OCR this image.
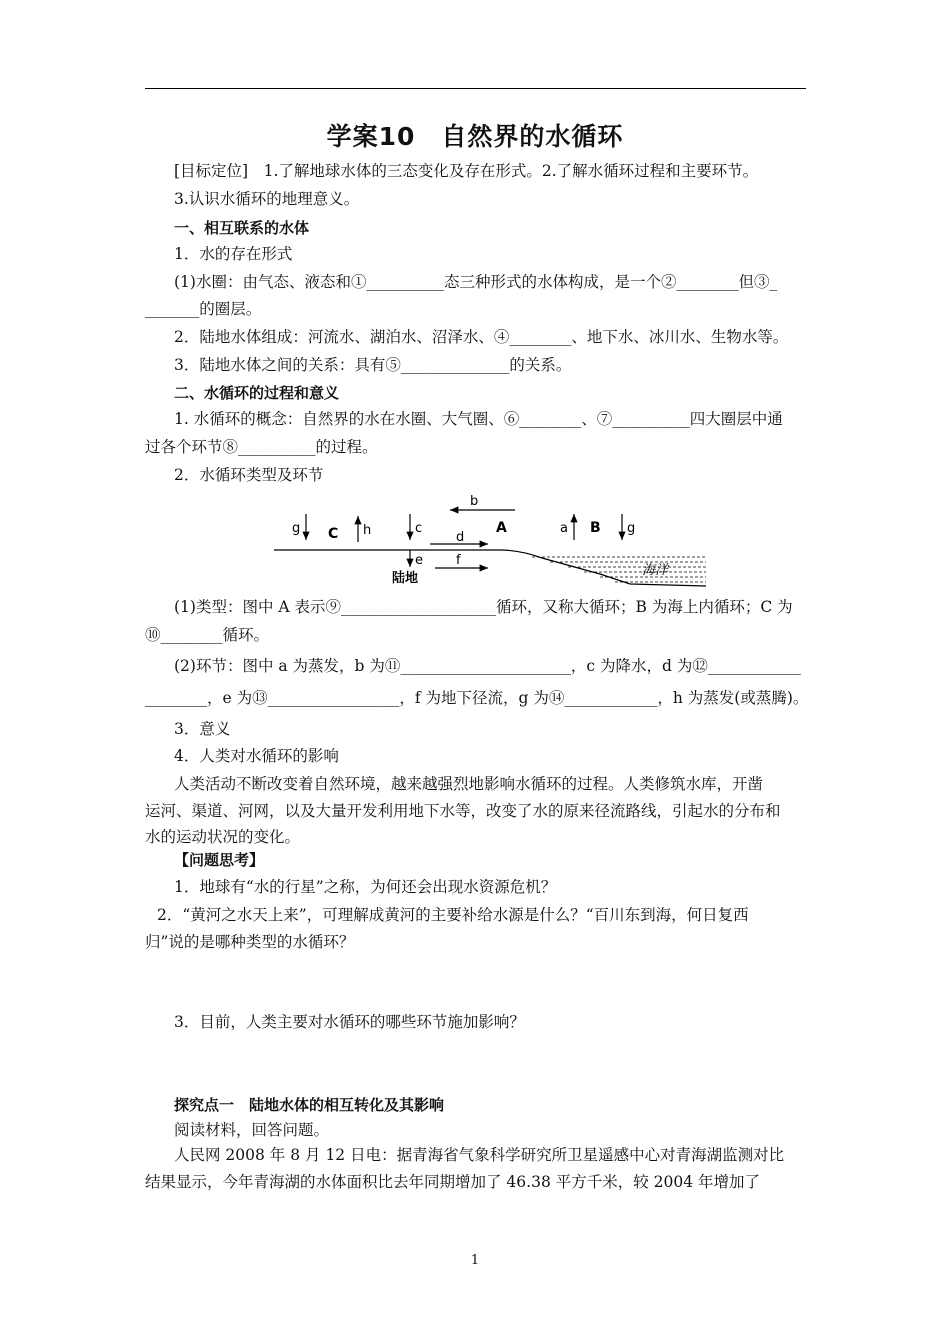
学案10　自然界的水循环
[目标定位]　1.了解地球水体的三态变化及存在形式。2.了解水循环过程和主要环节。
3.认识水循环的地理意义。
一、相互联系的水体
1．水的存在形式
(1)水圈：由气态、液态和①__________态三种形式的水体构成，是一个②________但③_
_______的圈层。
2．陆地水体组成：河流水、湖泊水、沼泽水、④________、地下水、冰川水、生物水等。
3．陆地水体之间的关系：具有⑤______________的关系。
二、水循环的过程和意义
1. 水循环的概念：自然界的水在水圈、大气圈、⑥________、⑦__________四大圈层中通
过各个环节⑧__________的过程。
2．水循环类型及环节
g C h	c
b
A
d
e	f
陆地
a B g
海洋
(1)类型：图中 A 表示⑨____________________循环，又称大循环；B 为海上内循环；C 为
⑩________循环。
(2)环节：图中 a 为蒸发，b 为⑪______________________，c 为降水，d 为⑫____________
________，e 为⑬_________________，f 为地下径流，g 为⑭____________，h 为蒸发(或蒸腾)。
3．意义
4．人类对水循环的影响
人类活动不断改变着自然环境，越来越强烈地影响水循环的过程。人类修筑水库，开凿
运河、渠道、河网，以及大量开发利用地下水等，改变了水的原来径流路线，引起水的分布和
水的运动状况的变化。
【问题思考】
1．地球有“水的行星”之称，为何还会出现水资源危机？
2．“黄河之水天上来”，可理解成黄河的主要补给水源是什么？“百川东到海，何日复西
归”说的是哪种类型的水循环？
3．目前，人类主要对水循环的哪些环节施加影响？
探究点一　陆地水体的相互转化及其影响
阅读材料，回答问题。
人民网 2008 年 8 月 12 日电：据青海省气象科学研究所卫星遥感中心对青海湖监测对比
结果显示，今年青海湖的水体面积比去年同期增加了 46.38 平方千米，较 2004 年增加了
1
